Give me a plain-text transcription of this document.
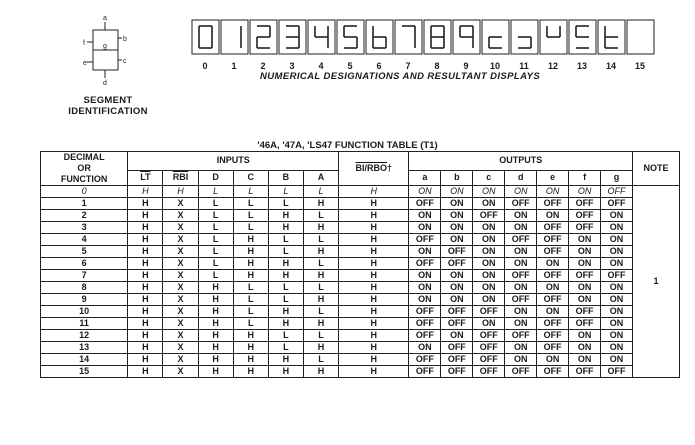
a
b
c
d
e
f	g
SEGMENT
IDENTIFICATION
0	1	2	3	4	5	6	7	8	9	10	11	12	13	14	15
NUMERICAL DESIGNATIONS AND RESULTANT DISPLAYS
'46A, '47A, 'LS47 FUNCTION TABLE (T1)
DECIMAL
OR
FUNCTION	INPUTS						BI/RBO†	OUTPUTS							NOTE
	$\overline{LT}$	$\overline{RBI}$	D	C	B	A		a	b	c	d	e	f	g	
0	H	H	L	L	L	L	H	ON	ON	ON	ON	ON	ON	OFF	1
1	H	X	L	L	L	H	H	OFF	ON	ON	OFF	OFF	OFF	OFF	
2	H	X	L	L	H	L	H	ON	ON	OFF	ON	ON	OFF	ON	
3	H	X	L	L	H	H	H	ON	ON	ON	ON	OFF	OFF	ON	
4	H	X	L	H	L	L	H	OFF	ON	ON	OFF	OFF	ON	ON	
5	H	X	L	H	L	H	H	ON	OFF	ON	ON	OFF	ON	ON	
6	H	X	L	H	H	L	H	OFF	OFF	ON	ON	ON	ON	ON	
7	H	X	L	H	H	H	H	ON	ON	ON	OFF	OFF	OFF	OFF	
8	H	X	H	L	L	L	H	ON	ON	ON	ON	ON	ON	ON	
9	H	X	H	L	L	H	H	ON	ON	ON	OFF	OFF	ON	ON	
10	H	X	H	L	H	L	H	OFF	OFF	OFF	ON	ON	OFF	ON	
11	H	X	H	L	H	H	H	OFF	OFF	ON	ON	OFF	OFF	ON	
12	H	X	H	H	L	L	H	OFF	ON	OFF	OFF	OFF	ON	ON	
13	H	X	H	H	L	H	H	ON	OFF	OFF	ON	OFF	ON	ON	
14	H	X	H	H	H	L	H	OFF	OFF	OFF	ON	ON	ON	ON	
15	H	X	H	H	H	H	H	OFF	OFF	OFF	OFF	OFF	OFF	OFF	
